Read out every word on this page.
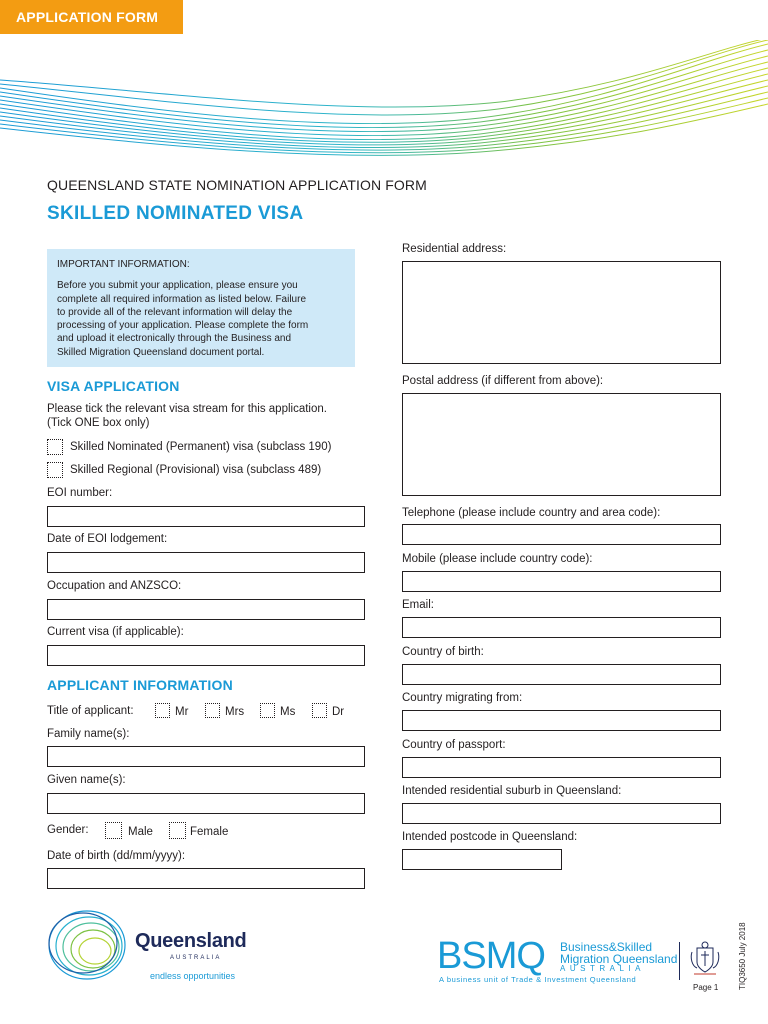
APPLICATION FORM
QUEENSLAND STATE NOMINATION APPLICATION FORM
SKILLED NOMINATED VISA
IMPORTANT INFORMATION:
Before you submit your application, please ensure you
complete all required information as listed below. Failure
to provide all of the relevant information will delay the
processing of your application. Please complete the form
and upload it electronically through the Business and
Skilled Migration Queensland document portal.
VISA APPLICATION
Please tick the relevant visa stream for this application.
(Tick ONE box only)
Skilled Nominated (Permanent) visa (subclass 190)
Skilled Regional (Provisional) visa (subclass 489)
EOI number:
Date of EOI lodgement:
Occupation and ANZSCO:
Current visa (if applicable):
APPLICANT INFORMATION
Title of applicant:	Mr	Mrs	Ms	Dr
Family name(s):
Given name(s):
Gender:	Male	Female
Date of birth (dd/mm/yyyy):
Residential address:
Postal address (if different from above):
Telephone (please include country and area code):
Mobile (please include country code):
Email:
Country of birth:
Country migrating from:
Country of passport:
Intended residential suburb in Queensland:
Intended postcode in Queensland:
Queensland
AUSTRALIA
endless opportunities	BSMQ Business&Skilled
Migration Queensland
AUSTRALIA
A business unit of Trade & Investment Queensland
Page 1 TIQ3650 July 2018
